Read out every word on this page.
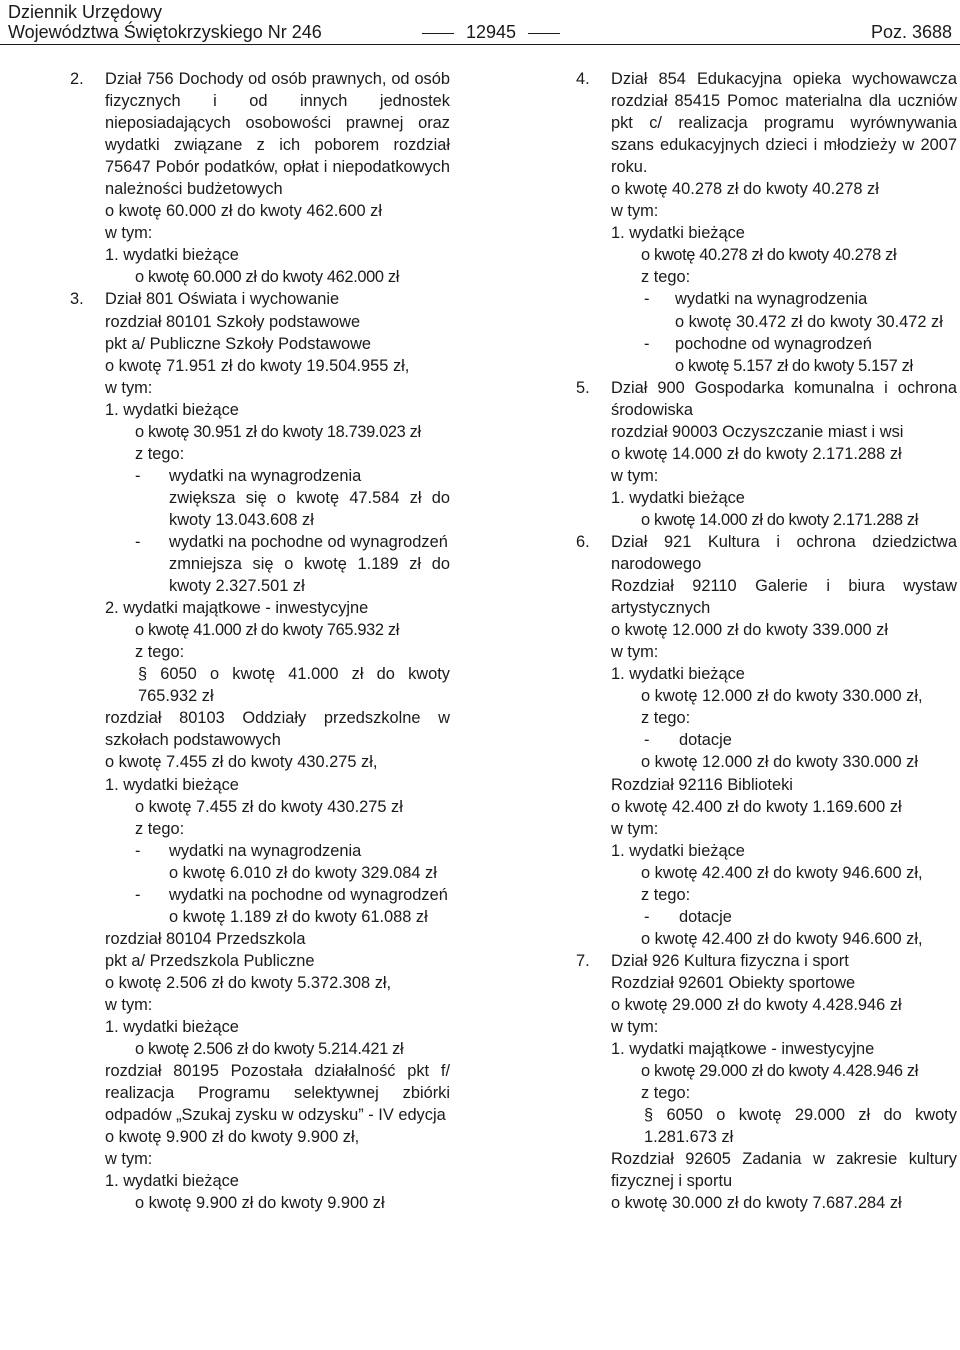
Dziennik Urzędowy
Województwa Świętokrzyskiego Nr 246	12945	Poz. 3688
2. Dział 756 Dochody od osób prawnych, od osób fizycznych i od innych jednostek nieposiadających osobowości prawnej oraz wydatki związane z ich poborem rozdział 75647 Pobór podatków, opłat i niepodatkowych należności budżetowych
o kwotę 60.000 zł do kwoty 462.600 zł
w tym:
1. wydatki bieżące
o kwotę 60.000 zł do kwoty 462.000 zł
3. Dział 801 Oświata i wychowanie
rozdział 80101 Szkoły podstawowe
pkt a/ Publiczne Szkoły Podstawowe
o kwotę 71.951 zł do kwoty 19.504.955 zł,
w tym:
1. wydatki bieżące
o kwotę 30.951 zł do kwoty 18.739.023 zł
z tego:
- wydatki na wynagrodzenia
zwiększa się o kwotę 47.584 zł do kwoty 13.043.608 zł
- wydatki na pochodne od wynagrodzeń
zmniejsza się o kwotę 1.189 zł do kwoty 2.327.501 zł
2. wydatki majątkowe - inwestycyjne
o kwotę 41.000 zł do kwoty 765.932 zł
z tego:
§ 6050 o kwotę 41.000 zł do kwoty 765.932 zł
rozdział 80103 Oddziały przedszkolne w szkołach podstawowych
o kwotę 7.455 zł do kwoty 430.275 zł,
1. wydatki bieżące
o kwotę 7.455 zł do kwoty 430.275 zł
z tego:
- wydatki na wynagrodzenia
o kwotę 6.010 zł do kwoty 329.084 zł
- wydatki na pochodne od wynagrodzeń
o kwotę 1.189 zł do kwoty 61.088 zł
rozdział 80104 Przedszkola
pkt a/ Przedszkola Publiczne
o kwotę 2.506 zł do kwoty 5.372.308 zł,
w tym:
1. wydatki bieżące
o kwotę 2.506 zł do kwoty 5.214.421 zł
rozdział 80195 Pozostała działalność pkt f/ realizacja Programu selektywnej zbiórki odpadów „Szukaj zysku w odzysku” - IV edycja
o kwotę 9.900 zł do kwoty 9.900 zł,
w tym:
1. wydatki bieżące
o kwotę 9.900 zł do kwoty 9.900 zł
4. Dział 854 Edukacyjna opieka wychowawcza rozdział 85415 Pomoc materialna dla uczniów pkt c/ realizacja programu wyrównywania szans edukacyjnych dzieci i młodzieży w 2007 roku.
o kwotę 40.278 zł do kwoty 40.278 zł
w tym:
1. wydatki bieżące
o kwotę 40.278 zł do kwoty 40.278 zł
z tego:
- wydatki na wynagrodzenia
o kwotę 30.472 zł do kwoty 30.472 zł
- pochodne od wynagrodzeń
o kwotę 5.157 zł do kwoty 5.157 zł
5. Dział 900 Gospodarka komunalna i ochrona środowiska
rozdział 90003 Oczyszczanie miast i wsi
o kwotę 14.000 zł do kwoty 2.171.288 zł
w tym:
1. wydatki bieżące
o kwotę 14.000 zł do kwoty 2.171.288 zł
6. Dział 921 Kultura i ochrona dziedzictwa narodowego
Rozdział 92110 Galerie i biura wystaw artystycznych
o kwotę 12.000 zł do kwoty 339.000 zł
w tym:
1. wydatki bieżące
o kwotę 12.000 zł do kwoty 330.000 zł,
z tego:
- dotacje
o kwotę 12.000 zł do kwoty 330.000 zł
Rozdział 92116 Biblioteki
o kwotę 42.400 zł do kwoty 1.169.600 zł
w tym:
1. wydatki bieżące
o kwotę 42.400 zł do kwoty 946.600 zł,
z tego:
- dotacje
o kwotę 42.400 zł do kwoty 946.600 zł,
7. Dział 926 Kultura fizyczna i sport
Rozdział 92601 Obiekty sportowe
o kwotę 29.000 zł do kwoty 4.428.946 zł
w tym:
1. wydatki majątkowe - inwestycyjne
o kwotę 29.000 zł do kwoty 4.428.946 zł
z tego:
§ 6050 o kwotę 29.000 zł do kwoty 1.281.673 zł
Rozdział 92605 Zadania w zakresie kultury fizycznej i sportu
o kwotę 30.000 zł do kwoty 7.687.284 zł
